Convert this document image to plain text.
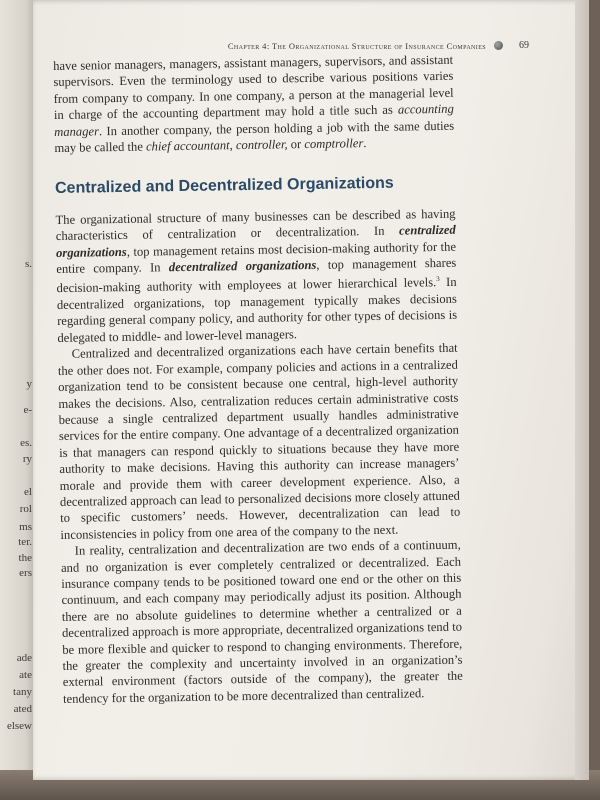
s.
y
e-
es.
ry
el
rol
ms
ter.
the
ers
ade
ate
tany
ated
elsew
Chapter 4: The Organizational Structure of Insurance Companies	69

have senior managers, managers, assistant managers, supervisors, and assistant supervisors. Even the terminology used to describe various positions varies from company to company. In one company, a person at the managerial level in charge of the accounting department may hold a title such as accounting manager. In another company, the person holding a job with the same duties may be called the chief accountant, controller, or comptroller.

Centralized and Decentralized Organizations

The organizational structure of many businesses can be described as having characteristics of centralization or decentralization. In centralized organizations, top management retains most decision-making authority for the entire company. In decentralized organizations, top management shares decision-making authority with employees at lower hierarchical levels.$^3$ In decentralized organizations, top management typically makes decisions regarding general company policy, and authority for other types of decisions is delegated to middle- and lower-level managers.

Centralized and decentralized organizations each have certain benefits that the other does not. For example, company policies and actions in a centralized organization tend to be consistent because one central, high-level authority makes the decisions. Also, centralization reduces certain administrative costs because a single centralized department usually handles administrative services for the entire company. One advantage of a decentralized organization is that managers can respond quickly to situations because they have more authority to make decisions. Having this authority can increase managers’ morale and provide them with career development experience. Also, a decentralized approach can lead to personalized decisions more closely attuned to specific customers’ needs. However, decentralization can lead to inconsistencies in policy from one area of the company to the next.

In reality, centralization and decentralization are two ends of a continuum, and no organization is ever completely centralized or decentralized. Each insurance company tends to be positioned toward one end or the other on this continuum, and each company may periodically adjust its position. Although there are no absolute guidelines to determine whether a centralized or a decentralized approach is more appropriate, decentralized organizations tend to be more flexible and quicker to respond to changing environments. Therefore, the greater the complexity and uncertainty involved in an organization’s external environment (factors outside of the company), the greater the tendency for the organization to be more decentralized than centralized.
